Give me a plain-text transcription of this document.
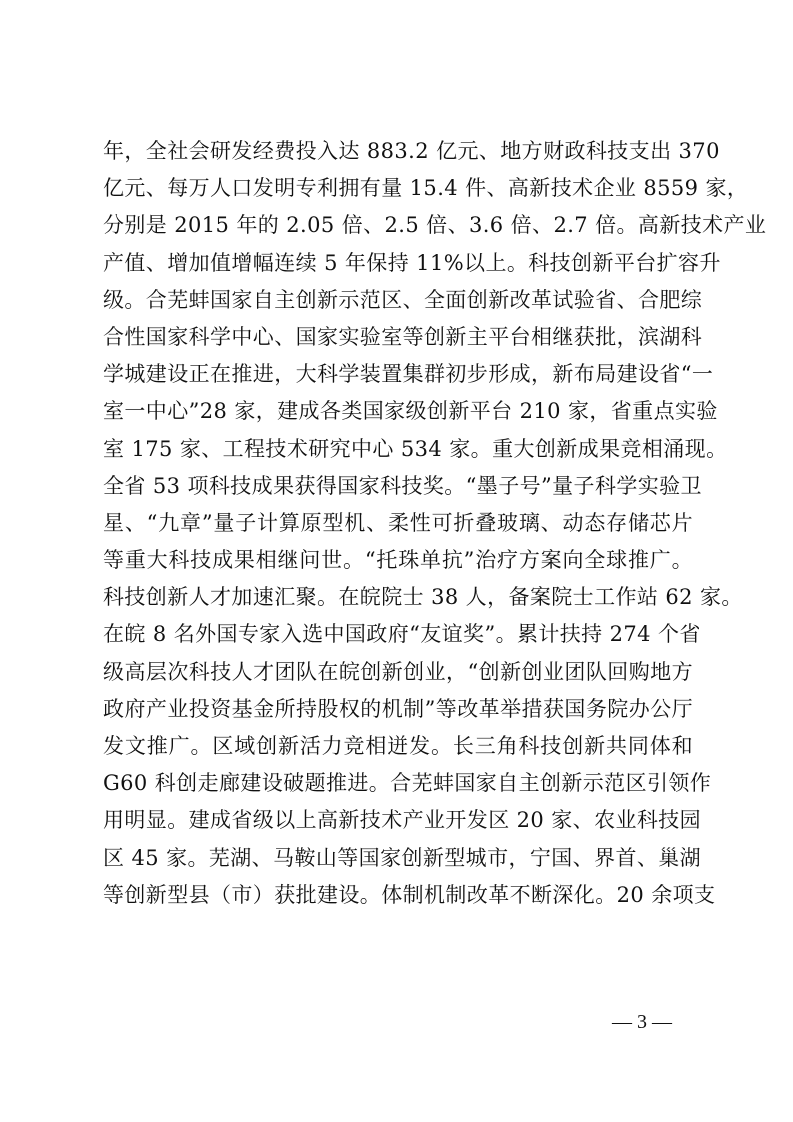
年，全社会研发经费投入达 883.2 亿元、地方财政科技支出 370
亿元、每万人口发明专利拥有量 15.4 件、高新技术企业 8559 家，
分别是 2015 年的 2.05 倍、2.5 倍、3.6 倍、2.7 倍。高新技术产业
产值、增加值增幅连续 5 年保持 11%以上。科技创新平台扩容升
级。合芜蚌国家自主创新示范区、全面创新改革试验省、合肥综
合性国家科学中心、国家实验室等创新主平台相继获批，滨湖科
学城建设正在推进，大科学装置集群初步形成，新布局建设省“一
室一中心”28 家，建成各类国家级创新平台 210 家，省重点实验
室 175 家、工程技术研究中心 534 家。重大创新成果竞相涌现。
全省 53 项科技成果获得国家科技奖。“墨子号”量子科学实验卫
星、“九章”量子计算原型机、柔性可折叠玻璃、动态存储芯片
等重大科技成果相继问世。“托珠单抗”治疗方案向全球推广。
科技创新人才加速汇聚。在皖院士 38 人，备案院士工作站 62 家。
在皖 8 名外国专家入选中国政府“友谊奖”。累计扶持 274 个省
级高层次科技人才团队在皖创新创业，“创新创业团队回购地方
政府产业投资基金所持股权的机制”等改革举措获国务院办公厅
发文推广。区域创新活力竞相迸发。长三角科技创新共同体和
G60 科创走廊建设破题推进。合芜蚌国家自主创新示范区引领作
用明显。建成省级以上高新技术产业开发区 20 家、农业科技园
区 45 家。芜湖、马鞍山等国家创新型城市，宁国、界首、巢湖
等创新型县（市）获批建设。体制机制改革不断深化。20 余项支
— 3 —
